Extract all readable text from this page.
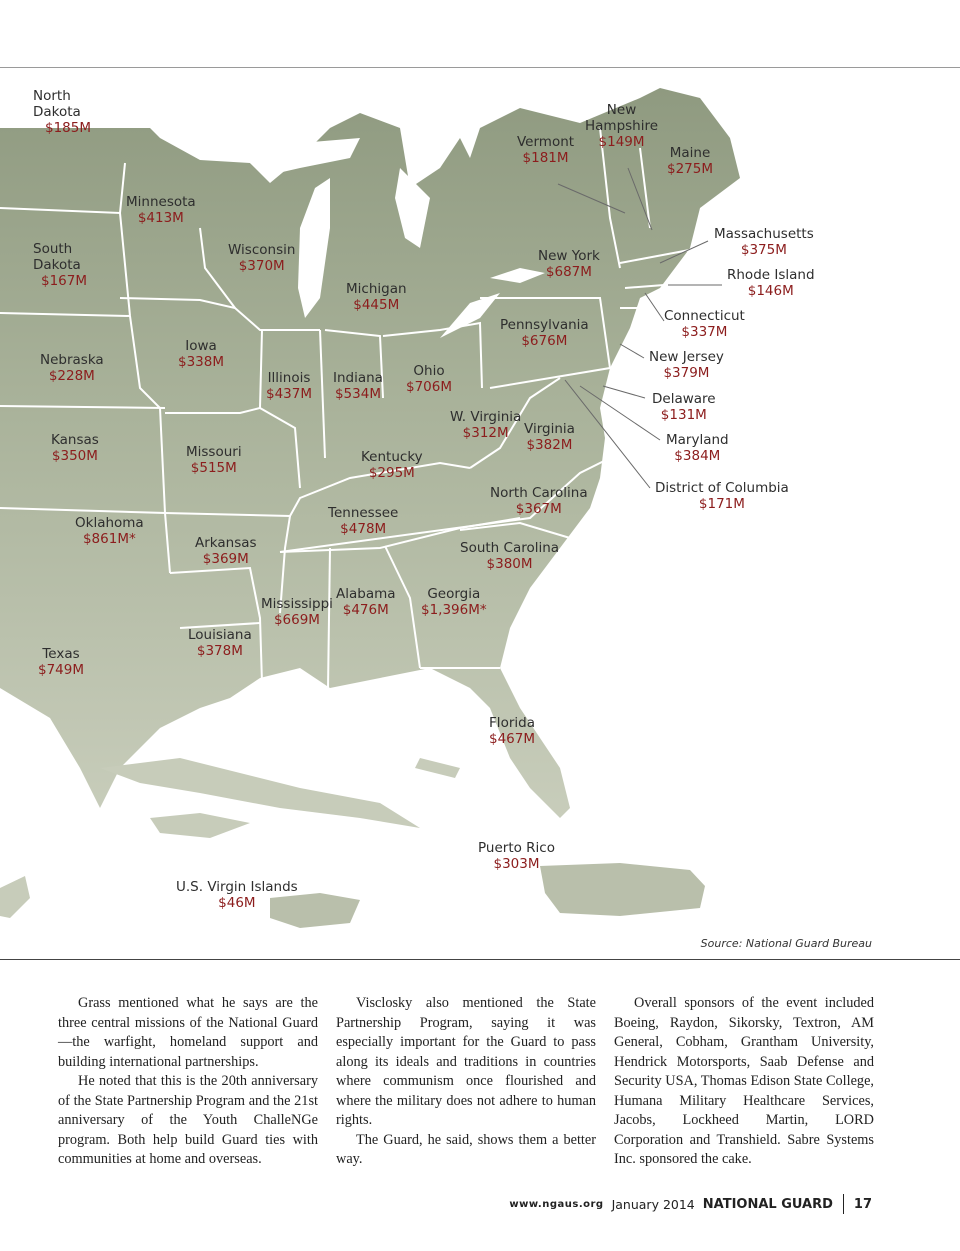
North
Dakota
$185M
Minnesota
$413M
South
Dakota
$167M
Wisconsin
$370M
Michigan
$445M
Nebraska
$228M
Iowa
$338M
Illinois
$437M
Indiana
$534M
Ohio
$706M
Kansas
$350M	Missouri
$515M
Kentucky
$295M
W. Virginia
$312M	Virginia
$382M
Oklahoma
$861M*	Arkansas
$369M
Tennessee
$478M
North Carolina
$367M
South Carolina
$380M
Mississippi
$669M
Alabama
$476M
Georgia
$1,396M*
Louisiana
$378M
Texas
$749M
Florida
$467M
Pennsylvania
$676M
New York
$687M
Vermont
$181M
New
Hampshire
$149M
Maine
$275M
Massachusetts
$375M
Rhode Island
$146M
Connecticut
$337M
New Jersey
$379M
Delaware
$131M
Maryland
$384M
District of Columbia
$171M
Puerto Rico
$303M
U.S. Virgin Islands
$46M
Source: National Guard Bureau

Grass mentioned what he says are the three central missions of the National Guard—the warfight, homeland support and building international partnerships.

He noted that this is the 20th anniversary of the State Partnership Program and the 21st anniversary of the Youth ChalleNGe program. Both help build Guard ties with communities at home and overseas.

Visclosky also mentioned the State Partnership Program, saying it was especially important for the Guard to pass along its ideals and traditions in countries where communism once flourished and where the military does not adhere to human rights.

The Guard, he said, shows them a better way.

Overall sponsors of the event included Boeing, Raydon, Sikorsky, Textron, AM General, Cobham, Grantham University, Hendrick Motorsports, Saab Defense and Security USA, Thomas Edison State College, Humana Military Healthcare Services, Jacobs, Lockheed Martin, LORD Corporation and Transhield. Sabre Systems Inc. sponsored the cake.

www.ngaus.org January 2014 NATIONAL GUARD 17
